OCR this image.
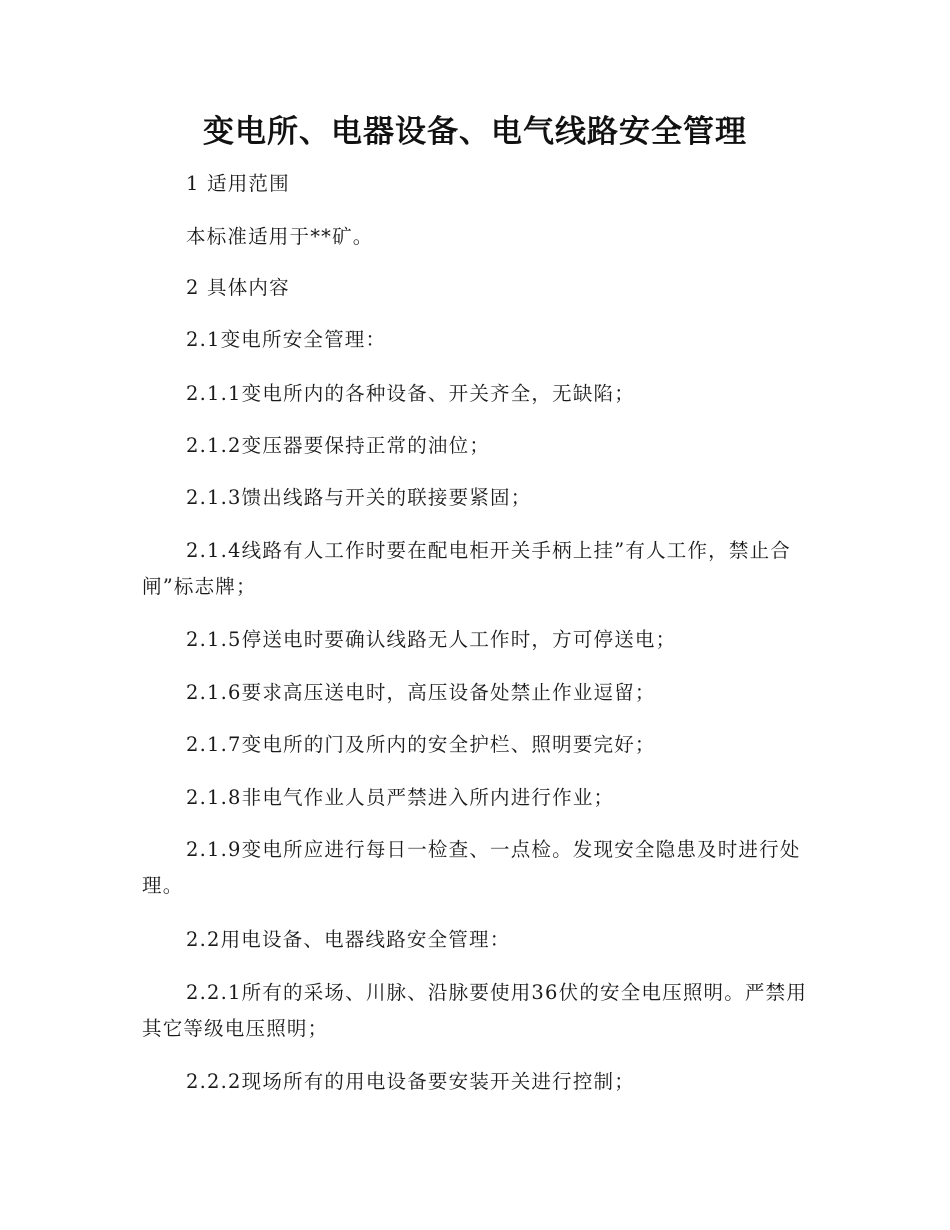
变电所、电器设备、电气线路安全管理

1 适用范围

本标准适用于**矿。

2 具体内容

2.1变电所安全管理：

2.1.1变电所内的各种设备、开关齐全，无缺陷；

2.1.2变压器要保持正常的油位；

2.1.3馈出线路与开关的联接要紧固；

2.1.4线路有人工作时要在配电柜开关手柄上挂”有人工作，禁止合闸”标志牌；

2.1.5停送电时要确认线路无人工作时，方可停送电；

2.1.6要求高压送电时，高压设备处禁止作业逗留；

2.1.7变电所的门及所内的安全护栏、照明要完好；

2.1.8非电气作业人员严禁进入所内进行作业；

2.1.9变电所应进行每日一检查、一点检。发现安全隐患及时进行处理。

2.2用电设备、电器线路安全管理：

2.2.1所有的采场、川脉、沿脉要使用36伏的安全电压照明。严禁用其它等级电压照明；

2.2.2现场所有的用电设备要安装开关进行控制；
